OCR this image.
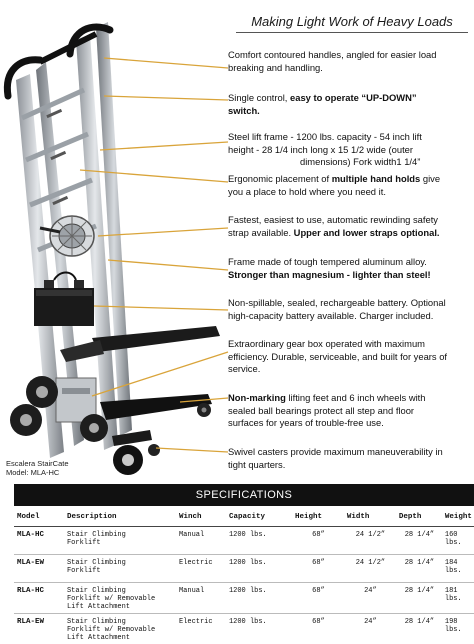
Escalera StairCate
Model: MLA-HC
Making Light Work of Heavy Loads
Comfort contoured handles, angled for easier load
breaking and handling.
Single control, easy to operate “UP-DOWN”
switch.
Steel lift frame - 1200 lbs. capacity - 54 inch lift
height - 28 1/4 inch long x 15 1/2 wide (outer
dimensions) Fork width1 1/4”
Ergonomic placement of multiple hand holds give
you a place to hold where you need it.
Fastest, easiest to use, automatic rewinding safety
strap available. Upper and lower straps optional.
Frame made of tough tempered aluminum alloy.
Stronger than magnesium - lighter than steel!
Non-spillable, sealed, rechargeable battery. Optional
high-capacity battery available. Charger included.
Extraordinary gear box operated with maximum
efficiency. Durable, serviceable, and built for years of
service.
Non-marking lifting feet and 6 inch wheels with
sealed ball bearings protect all step and floor
surfaces for years of trouble-free use.
Swivel casters provide maximum maneuverability in
tight quarters.
SPECIFICATIONS
Model	Description	Winch	Capacity	Height	Width	Depth	Weight
MLA-HC	Stair Climbing
Forklift	Manual	1200 lbs.	68”	24 1/2”	28 1/4”	160 lbs.
MLA-EW	Stair Climbing
Forklift	Electric	1200 lbs.	68”	24 1/2”	28 1/4”	184 lbs.
RLA-HC	Stair Climbing
Forklift w/ Removable
Lift Attachment	Manual	1200 lbs.	68”	24”	28 1/4”	181 lbs.
RLA-EW	Stair Climbing
Forklift w/ Removable
Lift Attachment	Electric	1200 lbs.	68”	24”	28 1/4”	198 lbs.
